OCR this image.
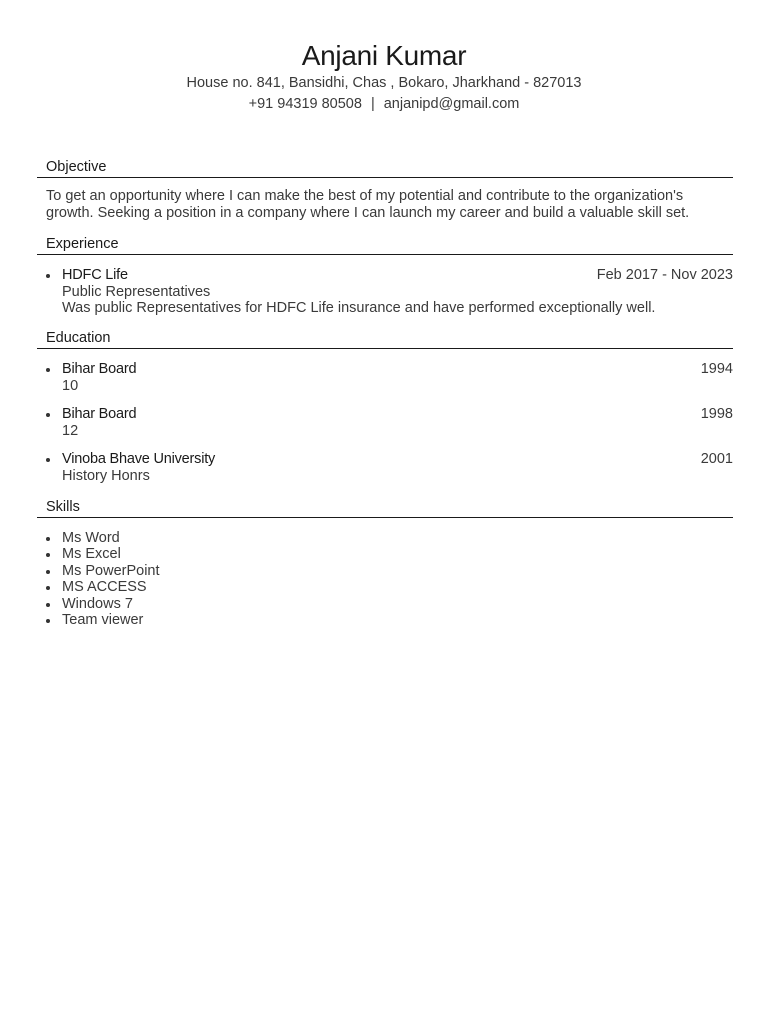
Anjani Kumar
House no. 841, Bansidhi, Chas , Bokaro, Jharkhand - 827013
+91 94319 80508 | anjanipd@gmail.com
Objective
To get an opportunity where I can make the best of my potential and contribute to the organization's growth. Seeking a position in a company where I can launch my career and build a valuable skill set.
Experience
HDFC Life	Feb 2017 - Nov 2023
Public Representatives
Was public Representatives for HDFC Life insurance and have performed exceptionally well.
Education
Bihar Board	1994
10
Bihar Board	1998
12
Vinoba Bhave University	2001
History Honrs
Skills
Ms Word
Ms Excel
Ms PowerPoint
MS ACCESS
Windows 7
Team viewer
